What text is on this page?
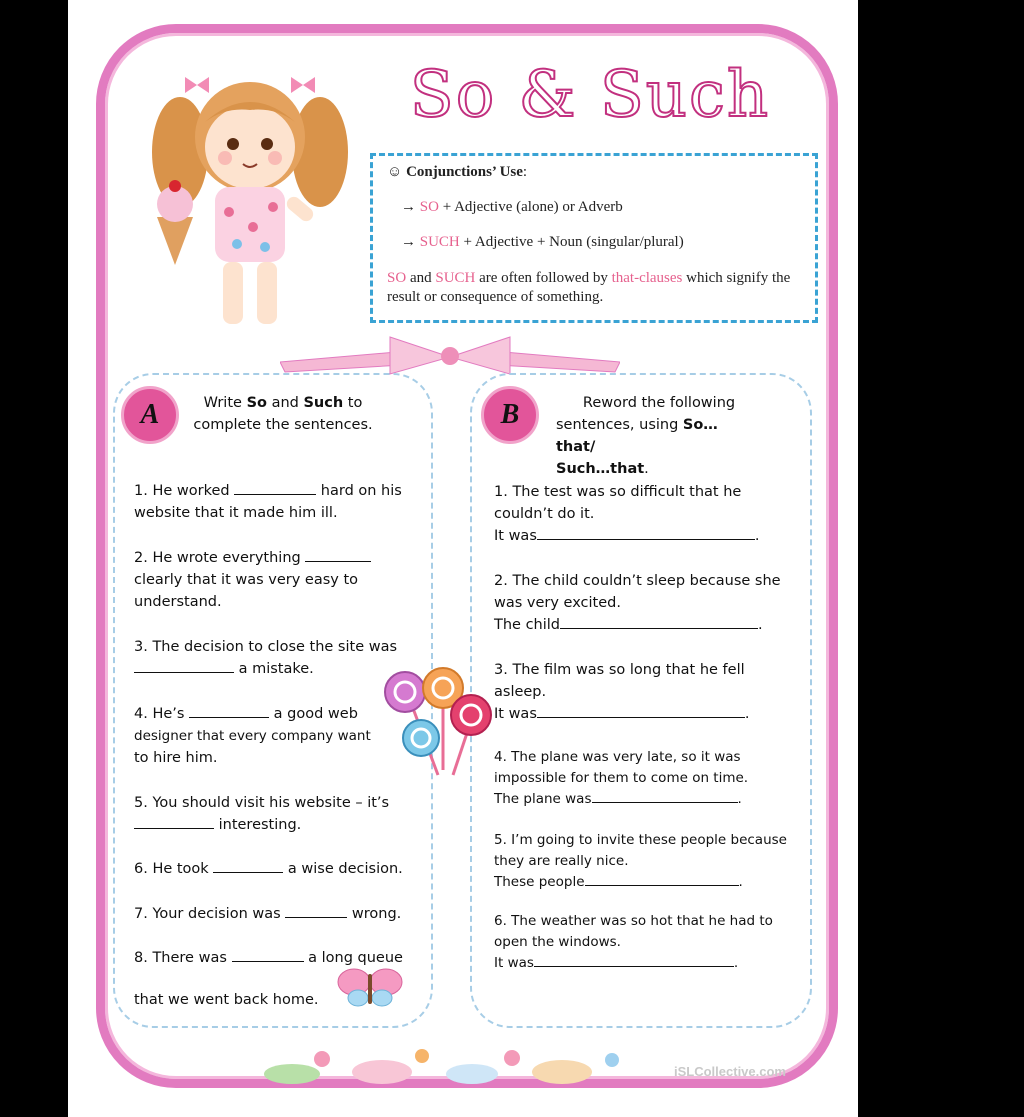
So & Such
☺ Conjunctions’ Use:
→ SO + Adjective (alone) or Adverb
→ SUCH + Adjective + Noun (singular/plural)
SO and SUCH are often followed by that-clauses which signify the result or consequence of something.
A	Write So and Such to
complete the sentences.
1. He worked	hard on his
website that it made him ill.
2. He wrote everything
clearly that it was very easy to
understand.
3. The decision to close the site was
a mistake.
4. He’s	a good web
designer that every company want
to hire him.
5. You should visit his website – it’s
interesting.
6. He took	a wise decision.
7. Your decision was	wrong.
8. There was	a long queue
that we went back home.
B	Reword the following
sentences, using So… that/
Such…that.
1. The test was so difficult that he
couldn’t do it.
It was	.
2. The child couldn’t sleep because she
was very excited.
The child	.
3. The film was so long that he fell
asleep.
It was	.
4. The plane was very late, so it was
impossible for them to come on time.
The plane was	.
5. I’m going to invite these people because
they are really nice.
These people	.
6. The weather was so hot that he had to
open the windows.
It was	.
iSLCollective.com
